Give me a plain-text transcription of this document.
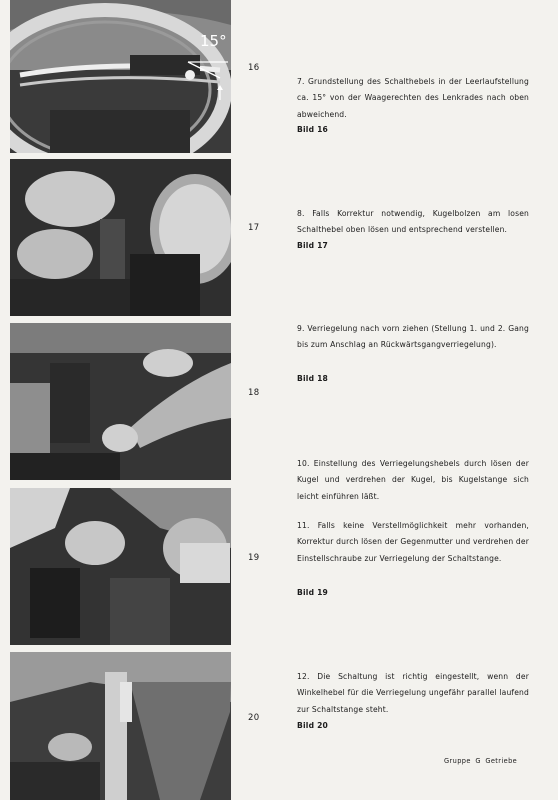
15°
16
17
18
19
20

7. Grundstellung des Schalthebels in der Leerlaufstellung ca. 15° von der Waagerechten des Lenkrades nach oben abweichend.

Bild 16

8. Falls Korrektur notwendig, Kugelbolzen am losen Schalthebel oben lösen und entsprechend verstellen.

Bild 17

9. Verriegelung nach vorn ziehen (Stellung 1. und 2. Gang bis zum Anschlag an Rückwärtsgangverriegelung).

Bild 18

10. Einstellung des Verriegelungshebels durch lösen der Kugel und verdrehen der Kugel, bis Kugelstange sich leicht einführen läßt.

11. Falls keine Verstellmöglichkeit mehr vorhanden, Korrektur durch lösen der Gegenmutter und verdrehen der Einstellschraube zur Verriegelung der Schaltstange.

Bild 19

12. Die Schaltung ist richtig eingestellt, wenn der Winkelhebel für die Verriegelung ungefähr parallel laufend zur Schaltstange steht.

Bild 20
Gruppe G Getriebe
